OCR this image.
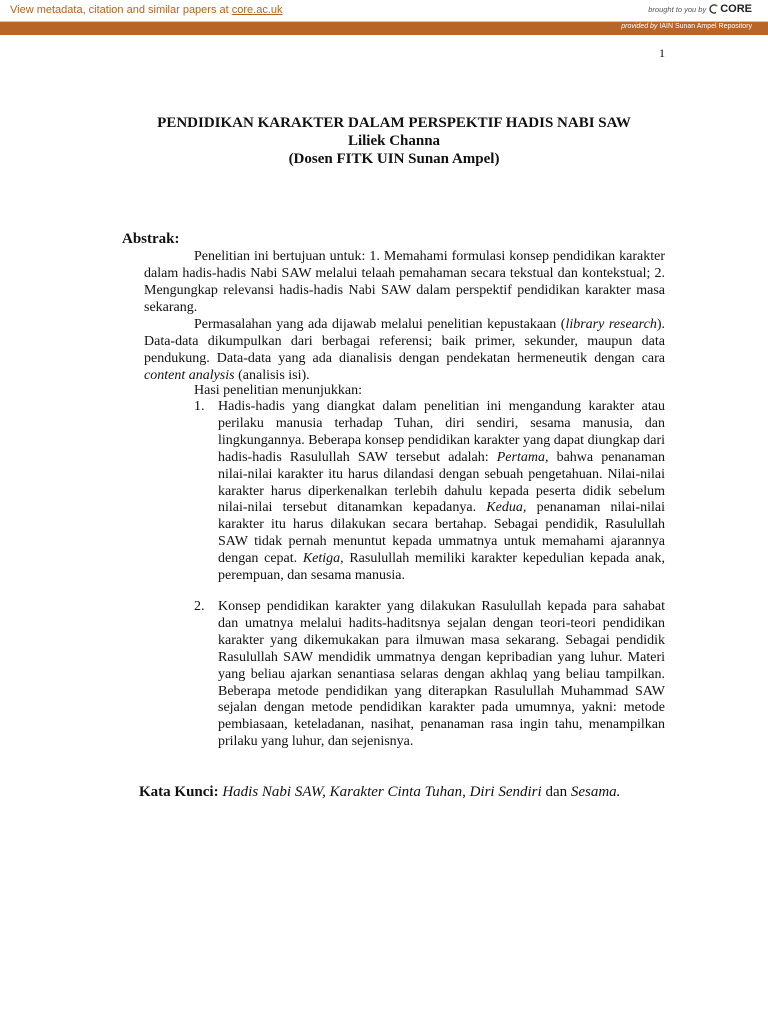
View metadata, citation and similar papers at core.ac.uk	brought to you by CORE
provided by IAIN Sunan Ampel Repository
1
PENDIDIKAN KARAKTER DALAM PERSPEKTIF HADIS NABI SAW
Liliek Channa
(Dosen FITK UIN Sunan Ampel)
Abstrak:
Penelitian ini bertujuan untuk: 1. Memahami formulasi konsep pendidikan karakter dalam hadis-hadis Nabi SAW melalui telaah pemahaman secara tekstual dan kontekstual; 2. Mengungkap relevansi hadis-hadis Nabi SAW dalam perspektif pendidikan karakter masa sekarang.
Permasalahan yang ada dijawab melalui penelitian kepustakaan (library research). Data-data dikumpulkan dari berbagai referensi; baik primer, sekunder, maupun data pendukung. Data-data yang ada dianalisis dengan pendekatan hermeneutik dengan cara content analysis (analisis isi).
Hasi penelitian menunjukkan:
1. Hadis-hadis yang diangkat dalam penelitian ini mengandung karakter atau perilaku manusia terhadap Tuhan, diri sendiri, sesama manusia, dan lingkungannya. Beberapa konsep pendidikan karakter yang dapat diungkap dari hadis-hadis Rasulullah SAW tersebut adalah: Pertama, bahwa penanaman nilai-nilai karakter itu harus dilandasi dengan sebuah pengetahuan. Nilai-nilai karakter harus diperkenalkan terlebih dahulu kepada peserta didik sebelum nilai-nilai tersebut ditanamkan kepadanya. Kedua, penanaman nilai-nilai karakter itu harus dilakukan secara bertahap. Sebagai pendidik, Rasulullah SAW tidak pernah menuntut kepada ummatnya untuk memahami ajarannya dengan cepat. Ketiga, Rasulullah memiliki karakter kepedulian kepada anak, perempuan, dan sesama manusia.
2. Konsep pendidikan karakter yang dilakukan Rasulullah kepada para sahabat dan umatnya melalui hadits-haditsnya sejalan dengan teori-teori pendidikan karakter yang dikemukakan para ilmuwan masa sekarang. Sebagai pendidik Rasulullah SAW mendidik ummatnya dengan kepribadian yang luhur. Materi yang beliau ajarkan senantiasa selaras dengan akhlaq yang beliau tampilkan. Beberapa metode pendidikan yang diterapkan Rasulullah Muhammad SAW sejalan dengan metode pendidikan karakter pada umumnya, yakni: metode pembiasaan, keteladanan, nasihat, penanaman rasa ingin tahu, menampilkan prilaku yang luhur, dan sejenisnya.
Kata Kunci: Hadis Nabi SAW, Karakter Cinta Tuhan, Diri Sendiri dan Sesama.
